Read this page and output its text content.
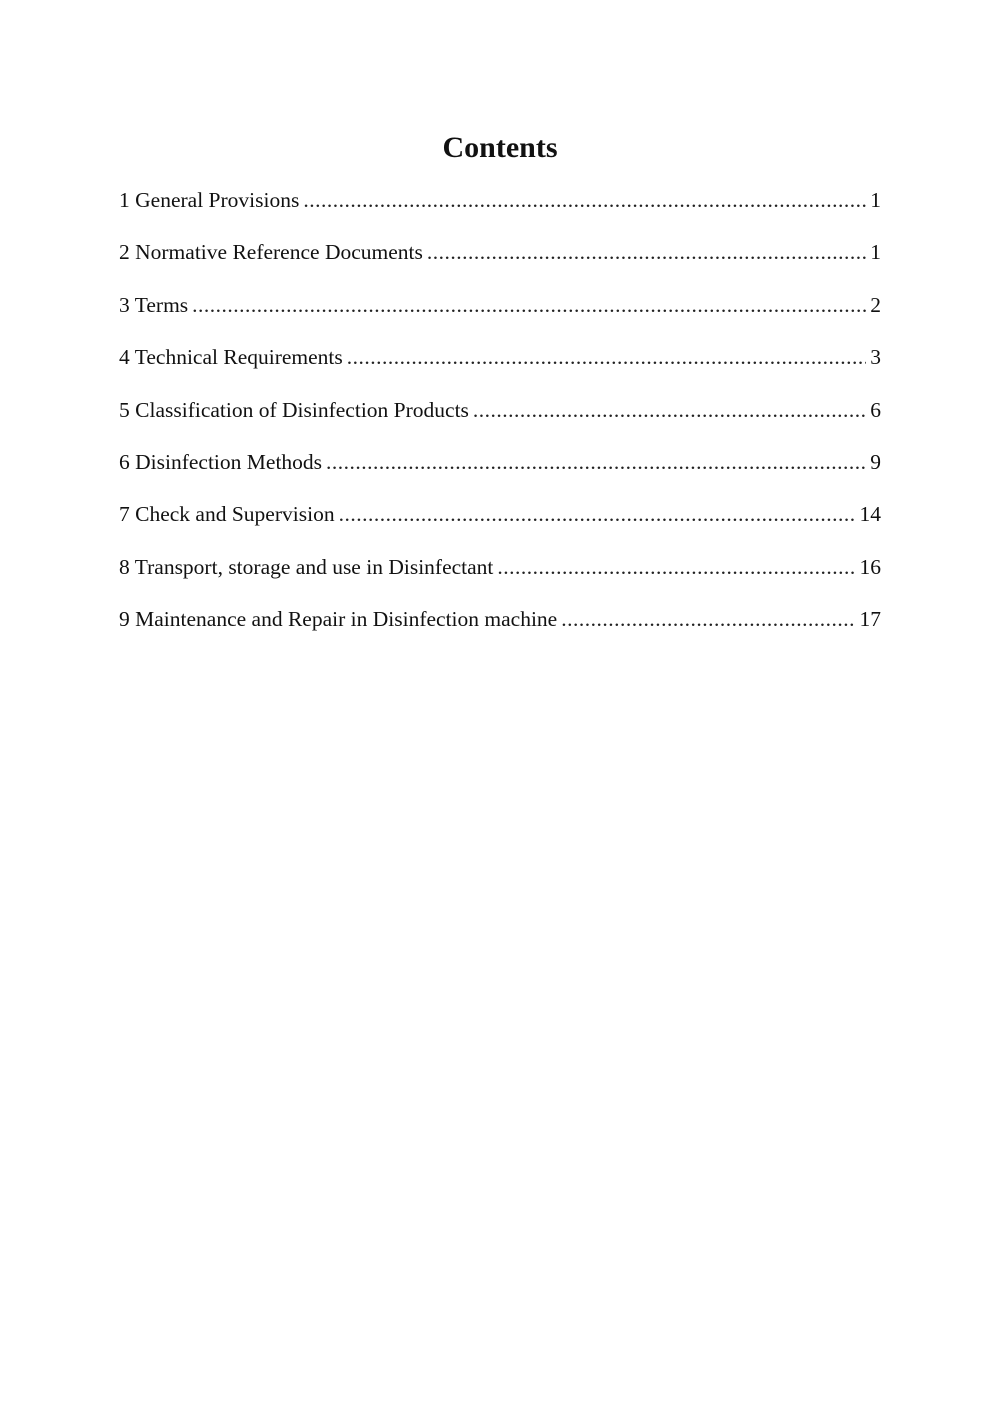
Contents
1 General Provisions .....	1
2 Normative Reference Documents .....	1
3 Terms .....	2
4 Technical Requirements .....	3
5 Classification of Disinfection Products .....	6
6 Disinfection Methods .....	9
7 Check and Supervision .....	14
8 Transport, storage and use in Disinfectant .....	16
9 Maintenance and Repair in Disinfection machine .....	17
